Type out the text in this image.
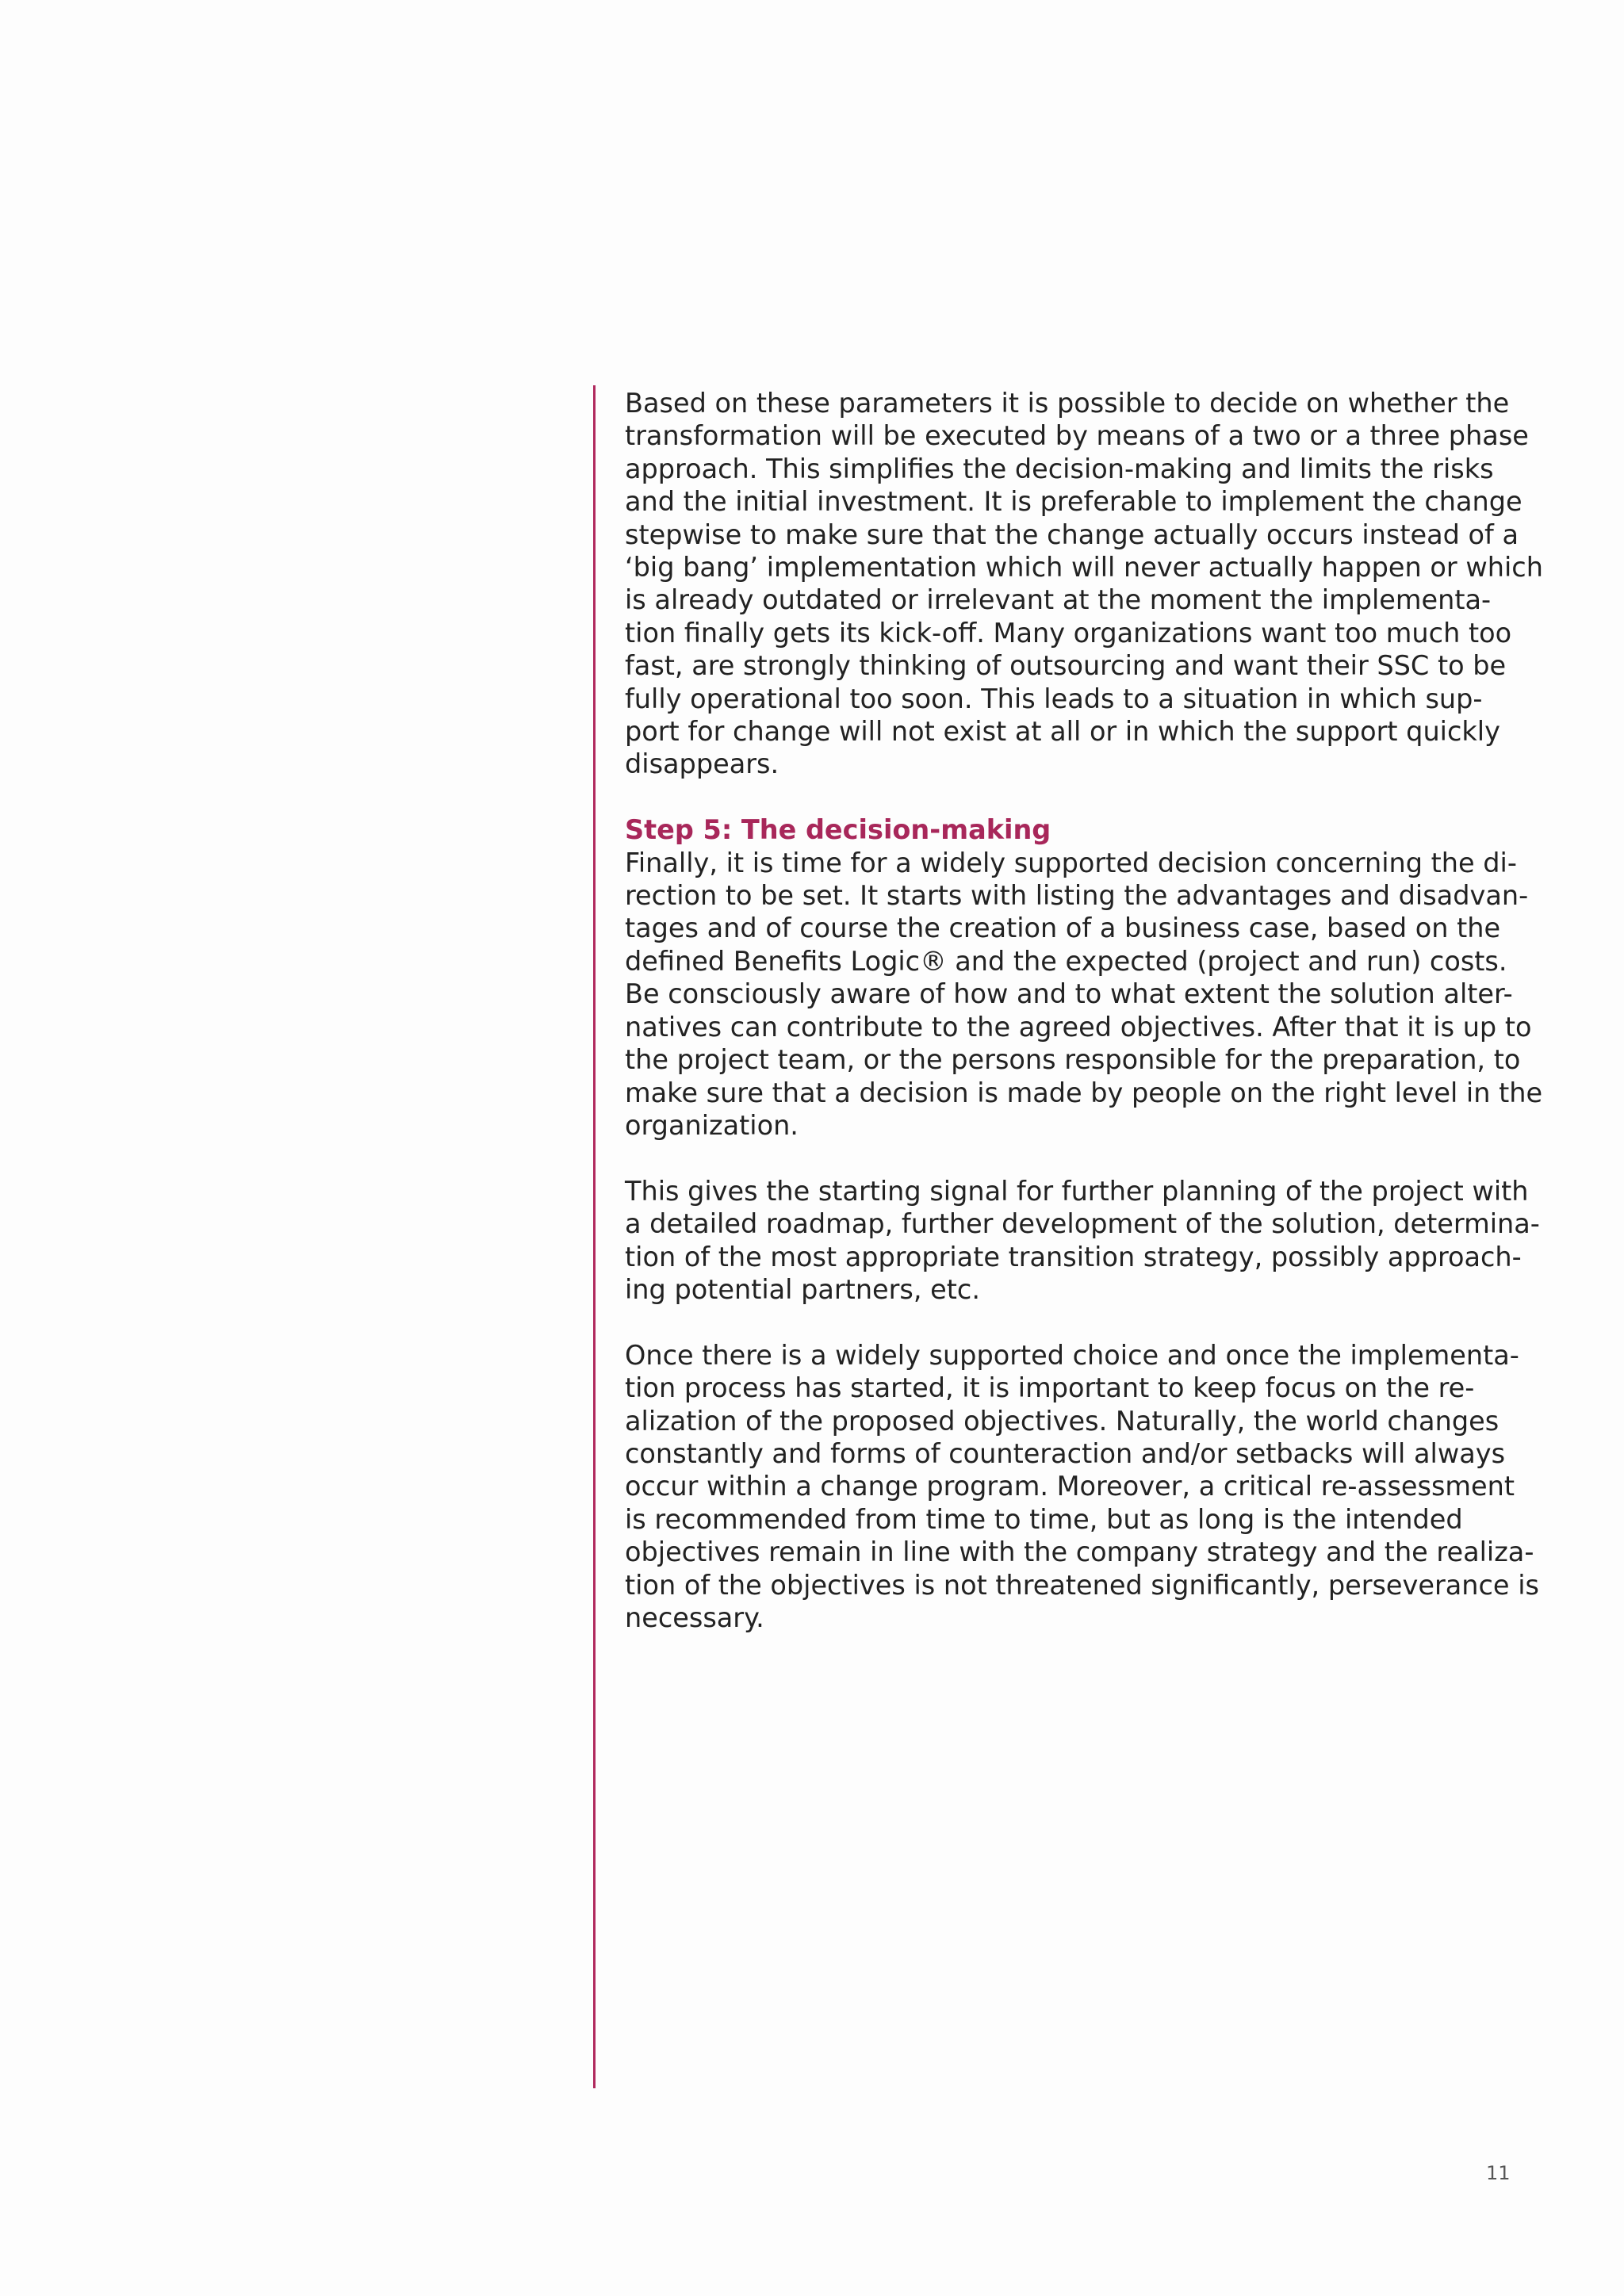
Based on these parameters it is possible to decide on whether the
transformation will be executed by means of a two or a three phase
approach. This simplifies the decision-making and limits the risks
and the initial investment. It is preferable to implement the change
stepwise to make sure that the change actually occurs instead of a
‘big bang’ implementation which will never actually happen or which
is already outdated or irrelevant at the moment the implementa-
tion finally gets its kick-off. Many organizations want too much too
fast, are strongly thinking of outsourcing and want their SSC to be
fully operational too soon. This leads to a situation in which sup-
port for change will not exist at all or in which the support quickly
disappears.
Step 5: The decision-making
Finally, it is time for a widely supported decision concerning the di-
rection to be set. It starts with listing the advantages and disadvan-
tages and of course the creation of a business case, based on the
defined Benefits Logic® and the expected (project and run) costs.
Be consciously aware of how and to what extent the solution alter-
natives can contribute to the agreed objectives. After that it is up to
the project team, or the persons responsible for the preparation, to
make sure that a decision is made by people on the right level in the
organization.
This gives the starting signal for further planning of the project with
a detailed roadmap, further development of the solution, determina-
tion of the most appropriate transition strategy, possibly approach-
ing potential partners, etc.
Once there is a widely supported choice and once the implementa-
tion process has started, it is important to keep focus on the re-
alization of the proposed objectives. Naturally, the world changes
constantly and forms of counteraction and/or setbacks will always
occur within a change program. Moreover, a critical re-assessment
is recommended from time to time, but as long is the intended
objectives remain in line with the company strategy and the realiza-
tion of the objectives is not threatened significantly, perseverance is
necessary.
11
